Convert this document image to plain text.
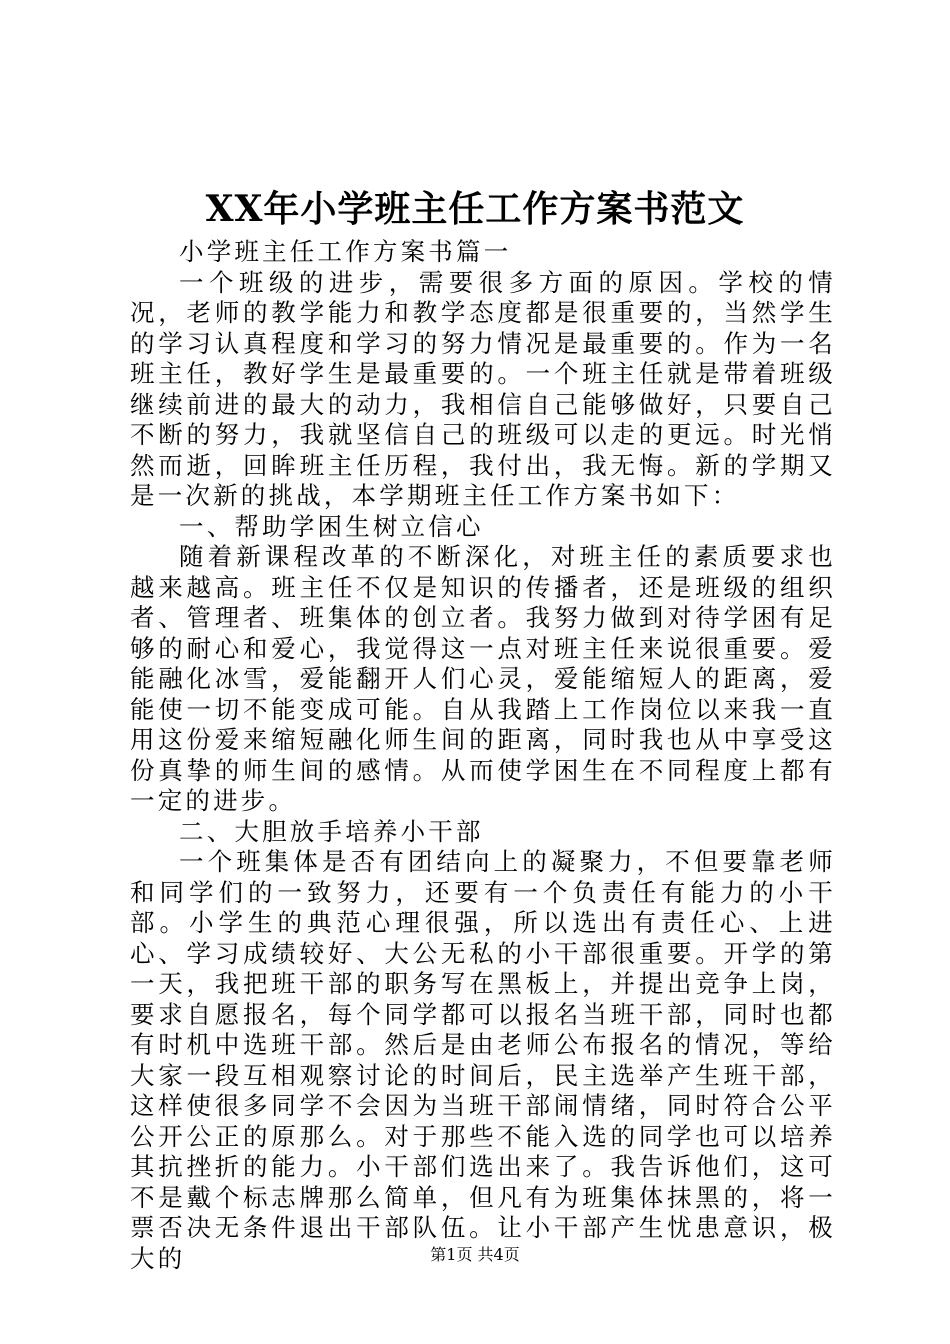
XX年小学班主任工作方案书范文

小学班主任工作方案书篇一

一个班级的进步，需要很多方面的原因。学校的情况，老师的教学能力和教学态度都是很重要的，当然学生的学习认真程度和学习的努力情况是最重要的。作为一名班主任，教好学生是最重要的。一个班主任就是带着班级继续前进的最大的动力，我相信自己能够做好，只要自己不断的努力，我就坚信自己的班级可以走的更远。时光悄然而逝，回眸班主任历程，我付出，我无悔。新的学期又是一次新的挑战，本学期班主任工作方案书如下：

一、帮助学困生树立信心

随着新课程改革的不断深化，对班主任的素质要求也越来越高。班主任不仅是知识的传播者，还是班级的组织者、管理者、班集体的创立者。我努力做到对待学困有足够的耐心和爱心，我觉得这一点对班主任来说很重要。爱能融化冰雪，爱能翻开人们心灵，爱能缩短人的距离，爱能使一切不能变成可能。自从我踏上工作岗位以来我一直用这份爱来缩短融化师生间的距离，同时我也从中享受这份真挚的师生间的感情。从而使学困生在不同程度上都有一定的进步。

二、大胆放手培养小干部

一个班集体是否有团结向上的凝聚力，不但要靠老师和同学们的一致努力，还要有一个负责任有能力的小干部。小学生的典范心理很强，所以选出有责任心、上进心、学习成绩较好、大公无私的小干部很重要。开学的第一天，我把班干部的职务写在黑板上，并提出竞争上岗，要求自愿报名，每个同学都可以报名当班干部，同时也都有时机中选班干部。然后是由老师公布报名的情况，等给大家一段互相观察讨论的时间后，民主选举产生班干部，这样使很多同学不会因为当班干部闹情绪，同时符合公平公开公正的原那么。对于那些不能入选的同学也可以培养其抗挫折的能力。小干部们选出来了。我告诉他们，这可不是戴个标志牌那么简单，但凡有为班集体抹黑的，将一票否决无条件退出干部队伍。让小干部产生忧患意识，极大的	第1页 共4页
